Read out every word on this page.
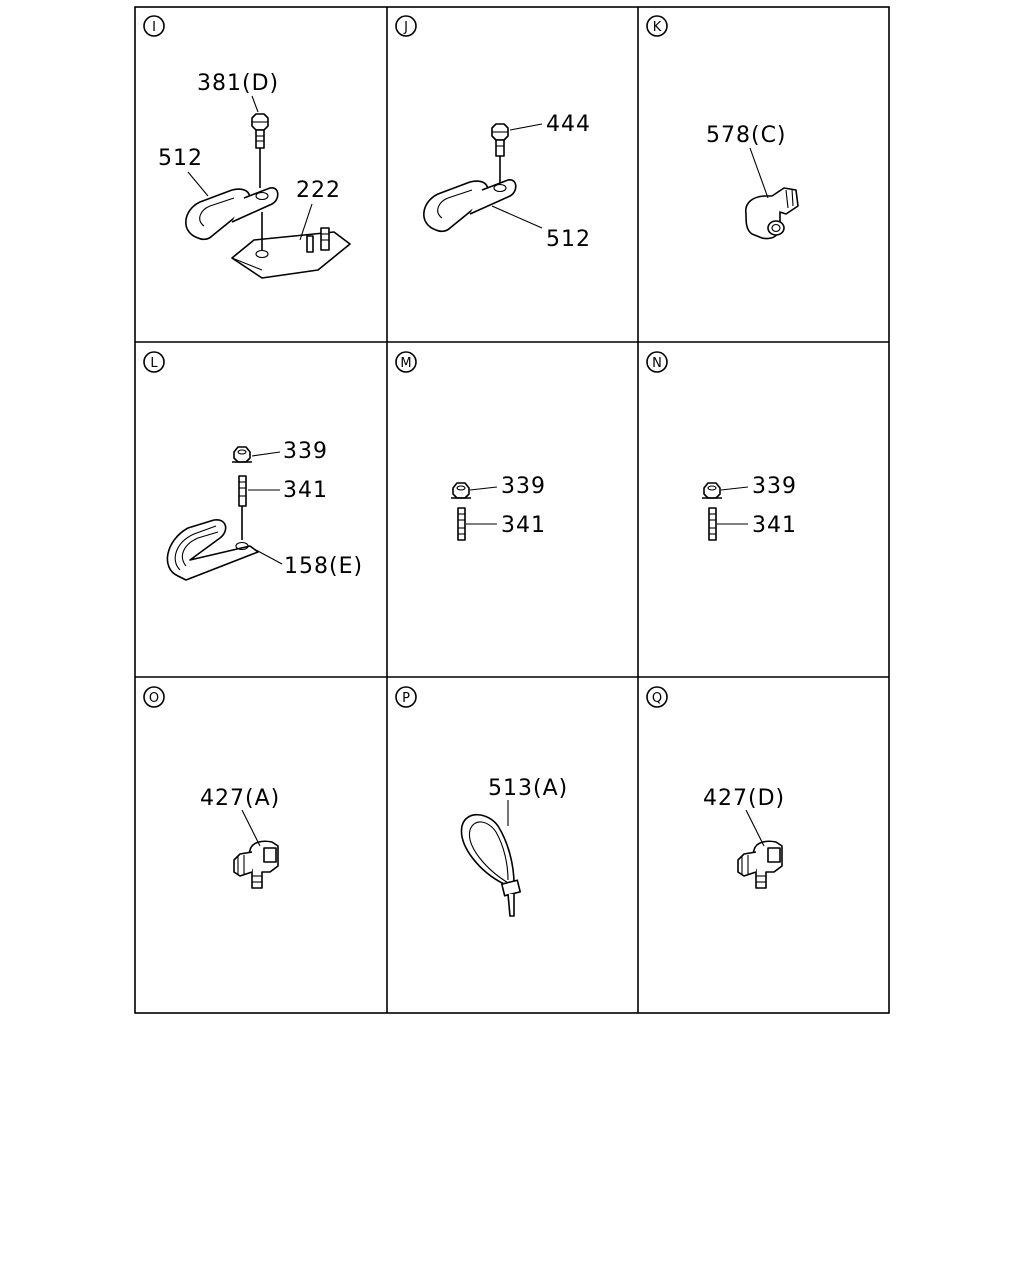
I
381(D)
512
222
J
444
512
K
578(C)
L
339
341
158(E)
M
339
341
N
339
341
O
427(A)
P
513(A)
Q
427(D)
